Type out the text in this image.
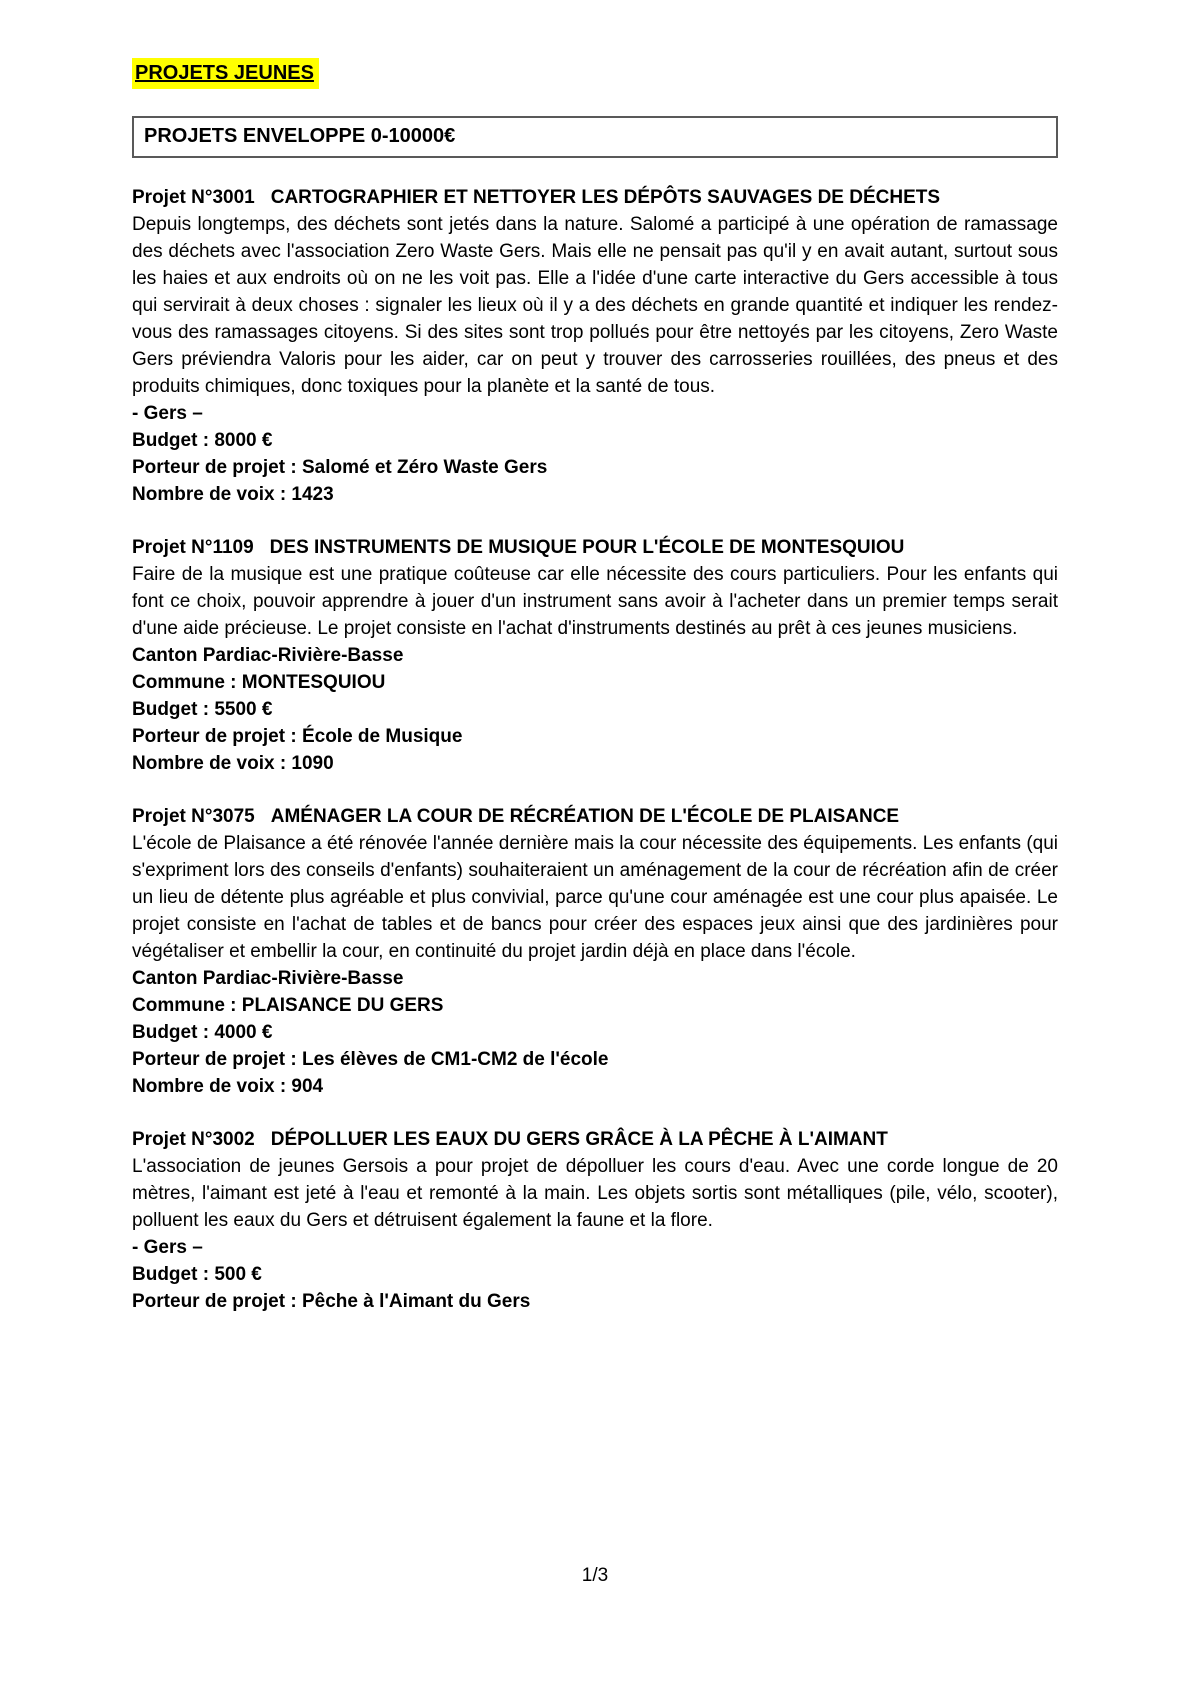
PROJETS JEUNES
PROJETS ENVELOPPE 0-10000€

Projet N°3001 CARTOGRAPHIER ET NETTOYER LES DÉPÔTS SAUVAGES DE DÉCHETS

Depuis longtemps, des déchets sont jetés dans la nature. Salomé a participé à une opération de ramassage des déchets avec l'association Zero Waste Gers. Mais elle ne pensait pas qu'il y en avait autant, surtout sous les haies et aux endroits où on ne les voit pas. Elle a l'idée d'une carte interactive du Gers accessible à tous qui servirait à deux choses : signaler les lieux où il y a des déchets en grande quantité et indiquer les rendez-vous des ramassages citoyens. Si des sites sont trop pollués pour être nettoyés par les citoyens, Zero Waste Gers préviendra Valoris pour les aider, car on peut y trouver des carrosseries rouillées, des pneus et des produits chimiques, donc toxiques pour la planète et la santé de tous.

- Gers –
Budget : 8000 €
Porteur de projet : Salomé et Zéro Waste Gers
Nombre de voix : 1423

Projet N°1109 DES INSTRUMENTS DE MUSIQUE POUR L'ÉCOLE DE MONTESQUIOU

Faire de la musique est une pratique coûteuse car elle nécessite des cours particuliers. Pour les enfants qui font ce choix, pouvoir apprendre à jouer d'un instrument sans avoir à l'acheter dans un premier temps serait d'une aide précieuse. Le projet consiste en l'achat d'instruments destinés au prêt à ces jeunes musiciens.

Canton Pardiac-Rivière-Basse
Commune : MONTESQUIOU
Budget : 5500 €
Porteur de projet : École de Musique
Nombre de voix : 1090

Projet N°3075 AMÉNAGER LA COUR DE RÉCRÉATION DE L'ÉCOLE DE PLAISANCE

L'école de Plaisance a été rénovée l'année dernière mais la cour nécessite des équipements. Les enfants (qui s'expriment lors des conseils d'enfants) souhaiteraient un aménagement de la cour de récréation afin de créer un lieu de détente plus agréable et plus convivial, parce qu'une cour aménagée est une cour plus apaisée. Le projet consiste en l'achat de tables et de bancs pour créer des espaces jeux ainsi que des jardinières pour végétaliser et embellir la cour, en continuité du projet jardin déjà en place dans l'école.

Canton Pardiac-Rivière-Basse
Commune : PLAISANCE DU GERS
Budget : 4000 €
Porteur de projet : Les élèves de CM1-CM2 de l'école
Nombre de voix : 904

Projet N°3002 DÉPOLLUER LES EAUX DU GERS GRÂCE À LA PÊCHE À L'AIMANT

L'association de jeunes Gersois a pour projet de dépolluer les cours d'eau. Avec une corde longue de 20 mètres, l'aimant est jeté à l'eau et remonté à la main. Les objets sortis sont métalliques (pile, vélo, scooter), polluent les eaux du Gers et détruisent également la faune et la flore.

- Gers –
Budget : 500 €
Porteur de projet : Pêche à l'Aimant du Gers
1/3
